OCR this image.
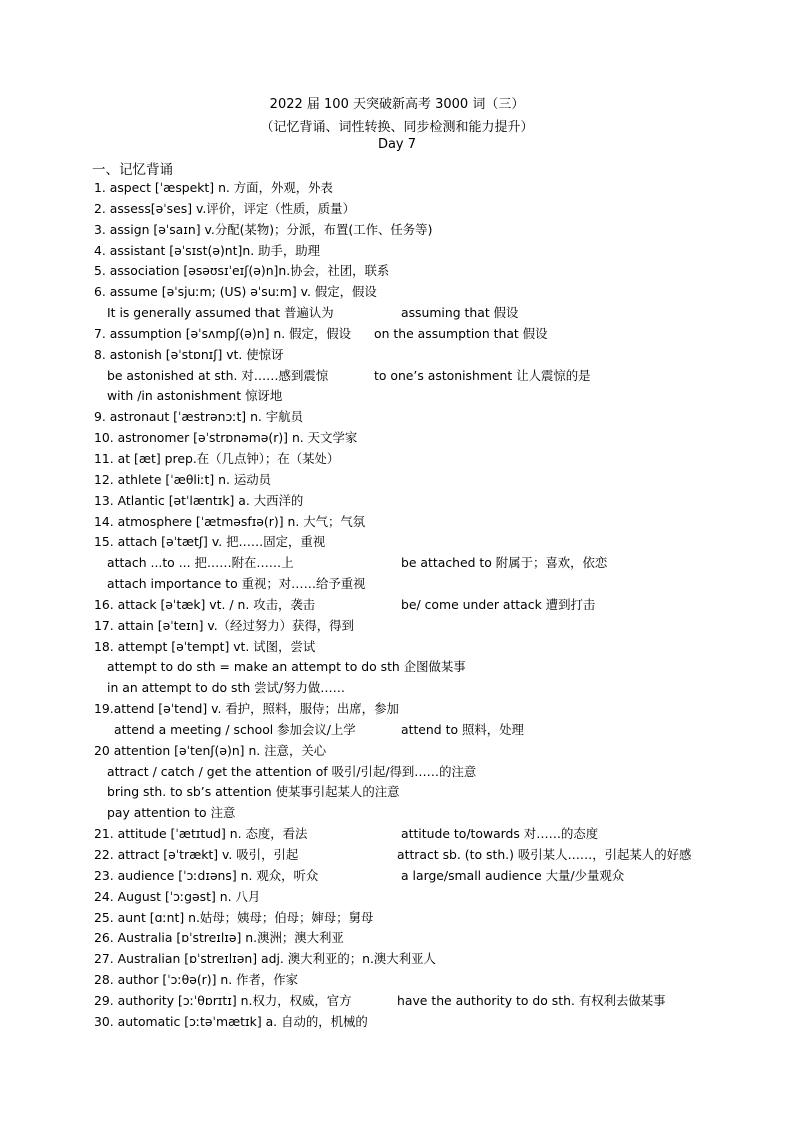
2022 届 100 天突破新高考 3000 词（三）
（记忆背诵、词性转换、同步检测和能力提升）
Day 7
一、记忆背诵
1. aspect [ˈæspekt] n. 方面，外观，外表
2. assess[əˈses] v.评价，评定（性质，质量）
3. assign [əˈsaɪn] v.分配(某物)；分派，布置(工作、任务等)
4. assistant [əˈsɪst(ə)nt]n. 助手，助理
5. association [əsəʊsɪˈeɪʃ(ə)n]n.协会，社团，联系
6. assume [əˈsjuːm; (US) əˈsuːm] v. 假定，假设
It is generally assumed that 普遍认为	assuming that 假设
7. assumption [əˈsʌmpʃ(ə)n] n. 假定，假设 on the assumption that 假设
8. astonish [əˈstɒnɪʃ] vt. 使惊讶
be astonished at sth. 对……感到震惊	to one’s astonishment 让人震惊的是
with /in astonishment 惊讶地
9. astronaut [ˈæstrənɔːt] n. 宇航员
10. astronomer [əˈstrɒnəmə(r)] n. 天文学家
11. at [æt] prep.在（几点钟）；在（某处）
12. athlete [ˈæθliːt] n. 运动员
13. Atlantic [ətˈlæntɪk] a. 大西洋的
14. atmosphere [ˈætməsfɪə(r)] n. 大气；气氛
15. attach [əˈtætʃ] v. 把……固定，重视
attach ...to ... 把……附在……上	be attached to 附属于；喜欢，依恋
attach importance to 重视；对……给予重视
16. attack [əˈtæk] vt. / n. 攻击，袭击	be/ come under attack 遭到打击
17. attain [əˈteɪn] v.（经过努力）获得，得到
18. attempt [əˈtempt] vt. 试图，尝试
attempt to do sth = make an attempt to do sth 企图做某事
in an attempt to do sth 尝试/努力做……
19.attend [əˈtend] v. 看护，照料，服侍；出席，参加
attend a meeting / school 参加会议/上学	attend to 照料，处理
20 attention [əˈtenʃ(ə)n] n. 注意，关心
attract / catch / get the attention of 吸引/引起/得到……的注意
bring sth. to sb’s attention 使某事引起某人的注意
pay attention to 注意
21. attitude [ˈætɪtud] n. 态度，看法	attitude to/towards 对……的态度
22. attract [əˈtrækt] v. 吸引，引起	attract sb. (to sth.) 吸引某人……，引起某人的好感
23. audience [ˈɔːdɪəns] n. 观众，听众	a large/small audience 大量/少量观众
24. August [ˈɔːgəst] n. 八月
25. aunt [ɑːnt] n.姑母；姨母；伯母；婶母；舅母
26. Australia [ɒˈstreɪlɪə] n.澳洲；澳大利亚
27. Australian [ɒˈstreɪlɪən] adj. 澳大利亚的；n.澳大利亚人
28. author [ˈɔːθə(r)] n. 作者，作家
29. authority [ɔːˈθɒrɪtɪ] n.权力，权威，官方	have the authority to do sth. 有权利去做某事
30. automatic [ɔːtəˈmætɪk] a. 自动的，机械的
